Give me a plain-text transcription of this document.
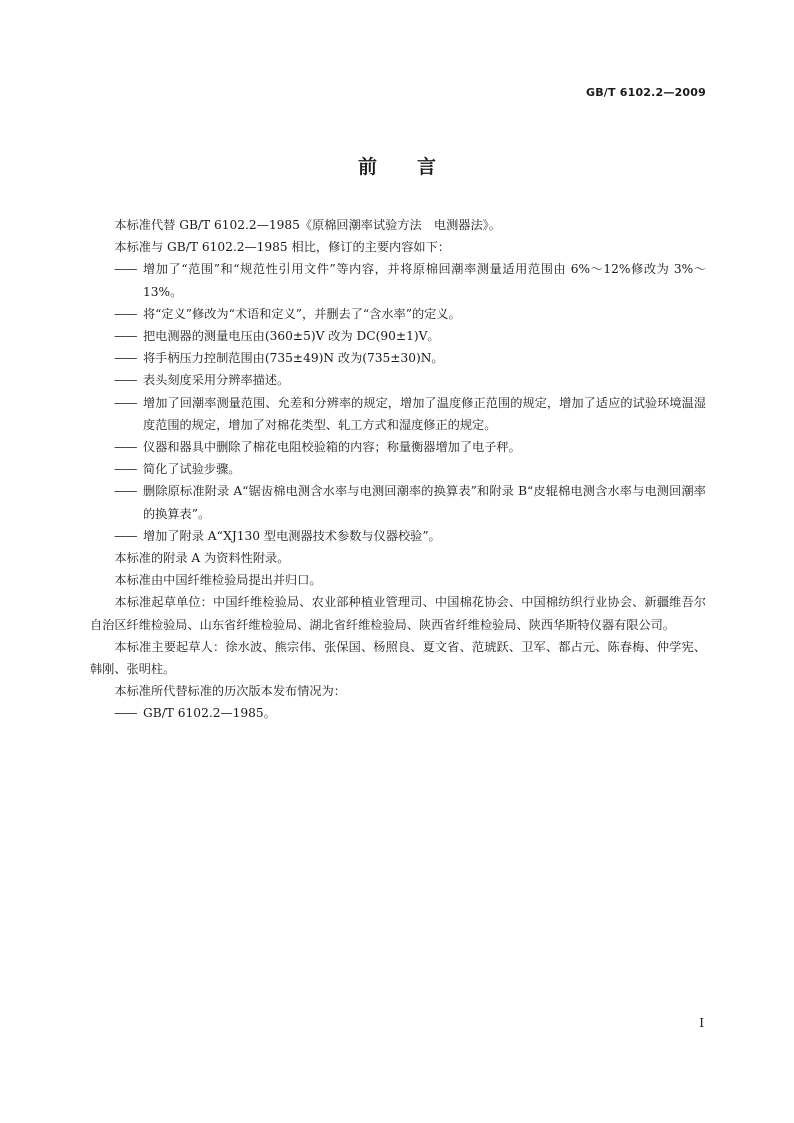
GB/T 6102.2—2009
前言

本标准代替 GB/T 6102.2—1985《原棉回潮率试验方法　电测器法》。

本标准与 GB/T 6102.2—1985 相比，修订的主要内容如下：

—— 增加了“范围”和“规范性引用文件”等内容，并将原棉回潮率测量适用范围由 6%～12%修改为 3%～13%。
—— 将“定义”修改为“术语和定义”，并删去了“含水率”的定义。
—— 把电测器的测量电压由(360±5)V 改为 DC(90±1)V。
—— 将手柄压力控制范围由(735±49)N 改为(735±30)N。
—— 表头刻度采用分辨率描述。
—— 增加了回潮率测量范围、允差和分辨率的规定，增加了温度修正范围的规定，增加了适应的试验环境温湿度范围的规定，增加了对棉花类型、轧工方式和湿度修正的规定。
—— 仪器和器具中删除了棉花电阻校验箱的内容；称量衡器增加了电子秤。
—— 简化了试验步骤。
—— 删除原标准附录 A“锯齿棉电测含水率与电测回潮率的换算表”和附录 B“皮辊棉电测含水率与电测回潮率的换算表”。
—— 增加了附录 A“XJ130 型电测器技术参数与仪器校验”。

本标准的附录 A 为资料性附录。

本标准由中国纤维检验局提出并归口。

本标准起草单位：中国纤维检验局、农业部种植业管理司、中国棉花协会、中国棉纺织行业协会、新疆维吾尔自治区纤维检验局、山东省纤维检验局、湖北省纤维检验局、陕西省纤维检验局、陕西华斯特仪器有限公司。

本标准主要起草人：徐水波、熊宗伟、张保国、杨照良、夏文省、范琥跃、卫军、都占元、陈春梅、仲学宪、韩刚、张明柱。

本标准所代替标准的历次版本发布情况为：

—— GB/T 6102.2—1985。
I
